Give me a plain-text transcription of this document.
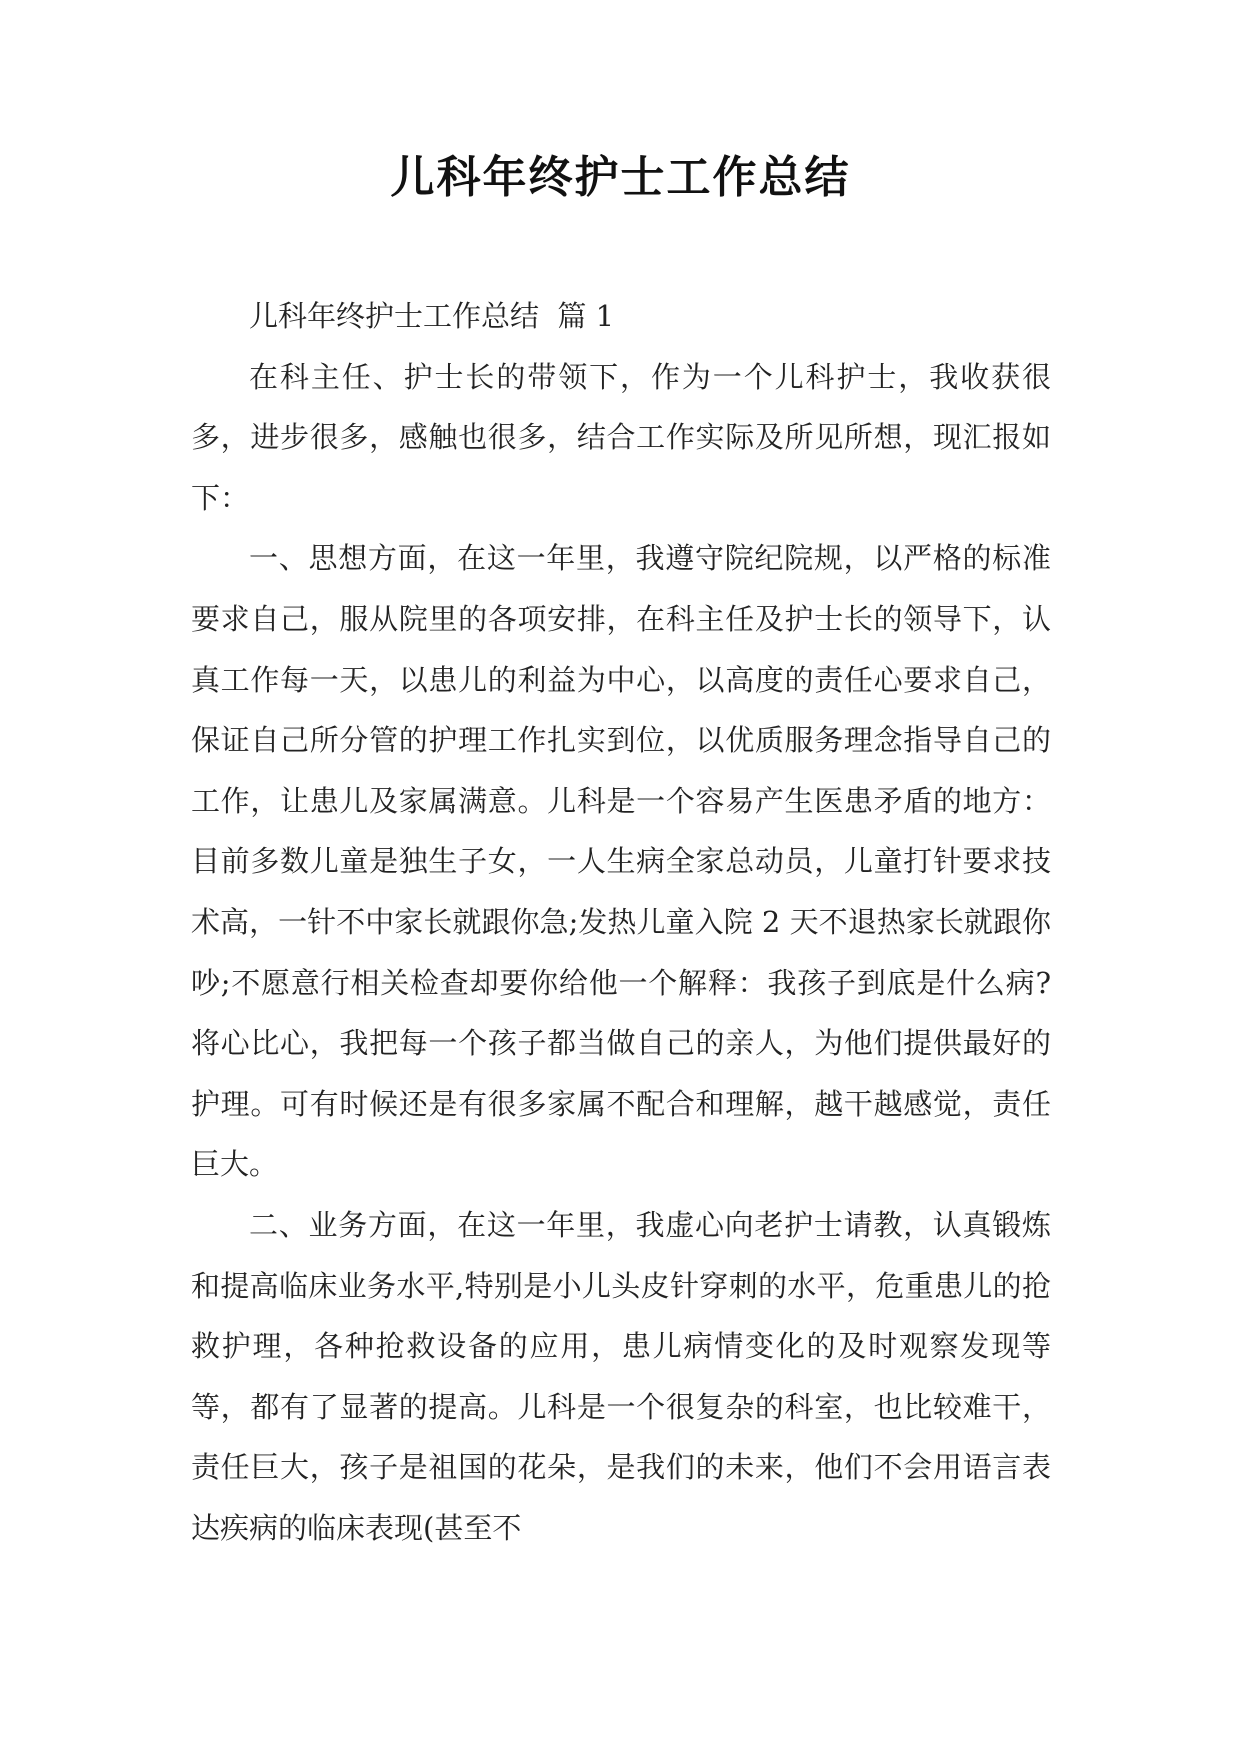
儿科年终护士工作总结

儿科年终护士工作总结  篇 1

在科主任、护士长的带领下，作为一个儿科护士，我收获很多，进步很多，感触也很多，结合工作实际及所见所想，现汇报如下：

一、思想方面，在这一年里，我遵守院纪院规，以严格的标准要求自己，服从院里的各项安排，在科主任及护士长的领导下，认真工作每一天，以患儿的利益为中心，以高度的责任心要求自己，保证自己所分管的护理工作扎实到位，以优质服务理念指导自己的工作，让患儿及家属满意。儿科是一个容易产生医患矛盾的地方：目前多数儿童是独生子女，一人生病全家总动员，儿童打针要求技术高，一针不中家长就跟你急;发热儿童入院 2 天不退热家长就跟你吵;不愿意行相关检查却要你给他一个解释：我孩子到底是什么病?将心比心，我把每一个孩子都当做自己的亲人，为他们提供最好的护理。可有时候还是有很多家属不配合和理解，越干越感觉，责任巨大。

二、业务方面，在这一年里，我虚心向老护士请教，认真锻炼和提高临床业务水平,特别是小儿头皮针穿刺的水平，危重患儿的抢救护理，各种抢救设备的应用，患儿病情变化的及时观察发现等等，都有了显著的提高。儿科是一个很复杂的科室，也比较难干，责任巨大，孩子是祖国的花朵，是我们的未来，他们不会用语言表达疾病的临床表现(甚至不
